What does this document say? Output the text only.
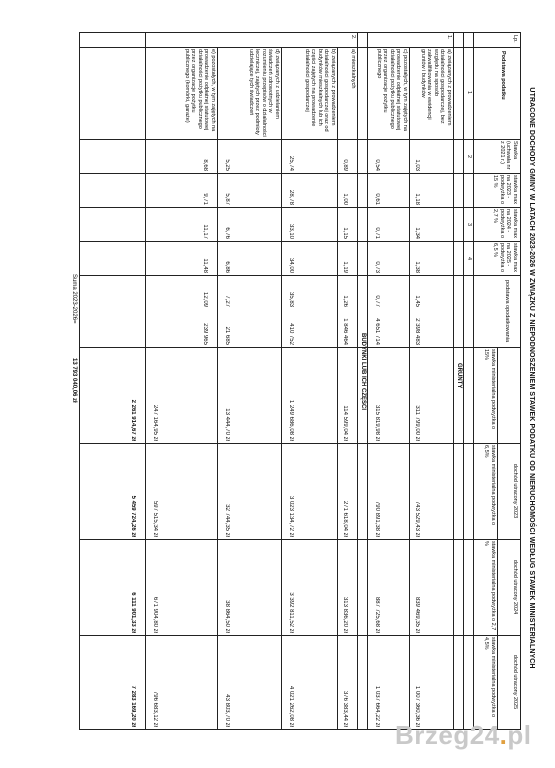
UTRACONE DOCHODY GMINY W LATACH 2023-2026 W ZWIĄZKU Z NIEPODNOSZENIEM STAWEK PODATKU OD NIERUCHOMOŚCI WEDŁUG STAWEK MINISTERIALNYCH
Lp.
Podstawa podatku
Stawka (uchwała nr z 2021 r.)
stawka max na 2023 - podwyżka o 15 %
stawka max na 2024 - podwyżka o 2,7 %
stawka max na 2025 - podwyżka o 6,5 %
podstawa opodatkowania
dochód utracony 2023
dochód utracony 2024
dochód utracony 2025
stawka ministerialna podwyżka o 15%
stawka ministerialna podwyżka o 6,5%
stawka ministerialna podwyżka o 2,7 %
stawka ministerialna podwyżka o 4,5%
1
2
3
4
GRUNTY
1.
a) związanych z prowadzeniem działalności gospodarczej, bez względu na sposób zakwalifikowania w ewidencji gruntów i budynków
1,03
1,18
1,34
1,38
1,45
2 398 483
311 799,00 zł
743 529,43 zł
839 469,35 zł
1 007 360,36 zł
c) pozostałych, w tym zajętych na prowadzenie odpłatnej statutowej działalności pożytku publicznego przez organizacje pożytku publicznego
0,54
0,61
0,71
0,73
0,77
4 651 714
315 819,98 zł
790 891,38 zł
887 725,68 zł
1 037 664,22 zł
BUDYNKI LUB ICH CZĘŚCI
2.
a) mieszkalnych
0,89
1,00
1,15
1,19
1,26
1 846 464
114 599,04 zł
271 618,04 zł
313 836,20 zł
376 383,44 zł
b) związanych z prowadzeniem działalności gospodarczej oraz od budynków mieszkalnych lub ich części zajętych na prowadzenie działalności gospodarczej
25,74
28,78
33,10
34,00
35,83
410 752
1 249 686,08 zł
3 023 134,72 zł
3 392 811,52 zł
4 021 262,08 zł
d) związanych z udzielaniem świadczeń zdrowotnych w rozumieniu przepisów o działalności leczniczej, zajętych przez podmioty udzielające tych świadczeń
5,25
5,87
6,76
6,86
7,27
21 685
13 444,70 zł
32 744,35 zł
38 864,50 zł
43 803,70 zł
e) pozostałych, w tym zajętych na prowadzenie odpłatnej statutowej działalności pożytku publicznego przez organizacje pożytku publicznego (komórki, garaże)
8,68
9,71
11,17
11,48
12,09
239 965
247 164,95 zł
597 515,34 zł
671 904,80 zł
796 683,12 zł
2 261 914,67 zł
5 459 724,26 zł
6 111 901,33 zł
7 283 169,20 zł
Suma 2023-2026=
13 793 040,06 zł
Brzeg24.pl
